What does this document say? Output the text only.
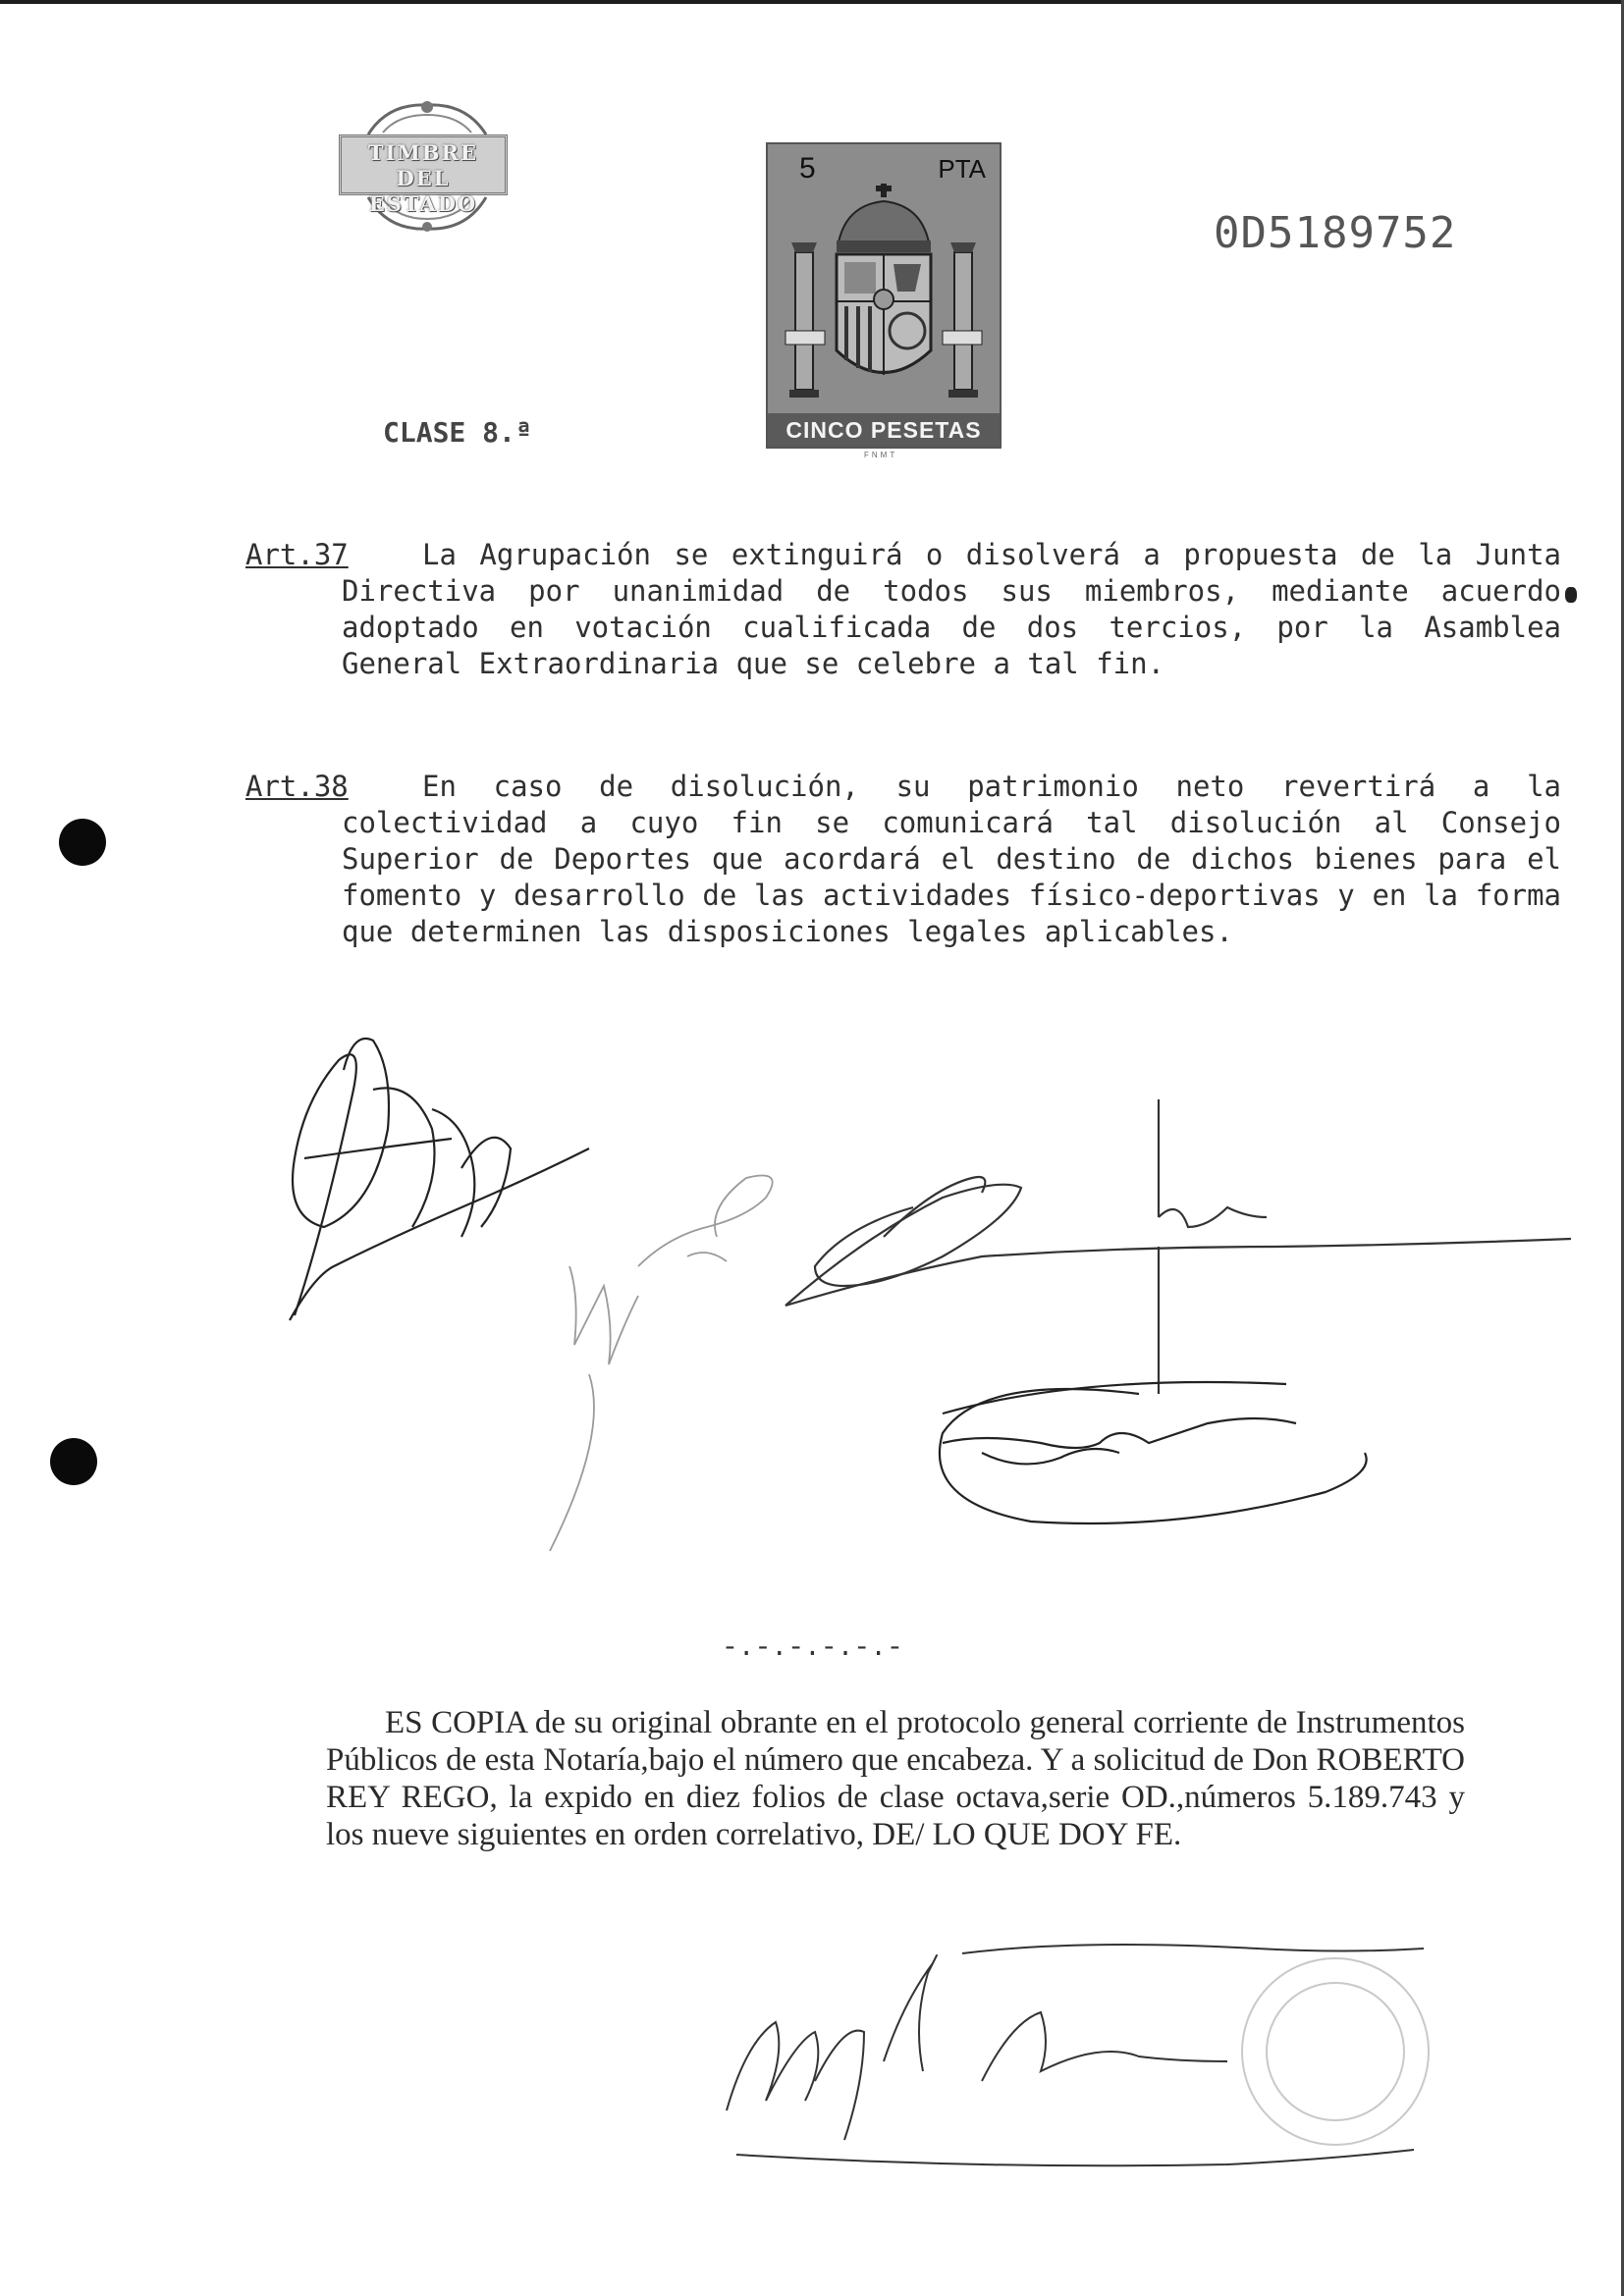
TIMBRE
DEL ESTADO
5	PTA
CINCO PESETAS
FNMT
0D5189752
CLASE 8.ª
Art.37	La Agrupación se extinguirá o disolverá a propuesta de la Junta Directiva por unanimidad de todos sus miembros, mediante acuerdo adoptado en votación cualificada de dos tercios, por la Asamblea General Extraordinaria que se celebre a tal fin.
Art.38	En caso de disolución, su patrimonio neto revertirá a la colectividad a cuyo fin se comunicará tal disolución al Consejo Superior de Deportes que acordará el destino de dichos bienes para el fomento y desarrollo de las actividades físico-deportivas y en la forma que determinen las disposiciones legales aplicables.
-.-.-.-.-.-

ES COPIA de su original obrante en el protocolo general corriente de Instrumentos Públicos de esta Notaría,bajo el número que encabeza. Y a solicitud de Don ROBERTO REY REGO, la expido en diez folios de clase octava,serie OD.,números 5.189.743 y los nueve siguientes en orden correlativo, DE/ LO QUE DOY FE.
